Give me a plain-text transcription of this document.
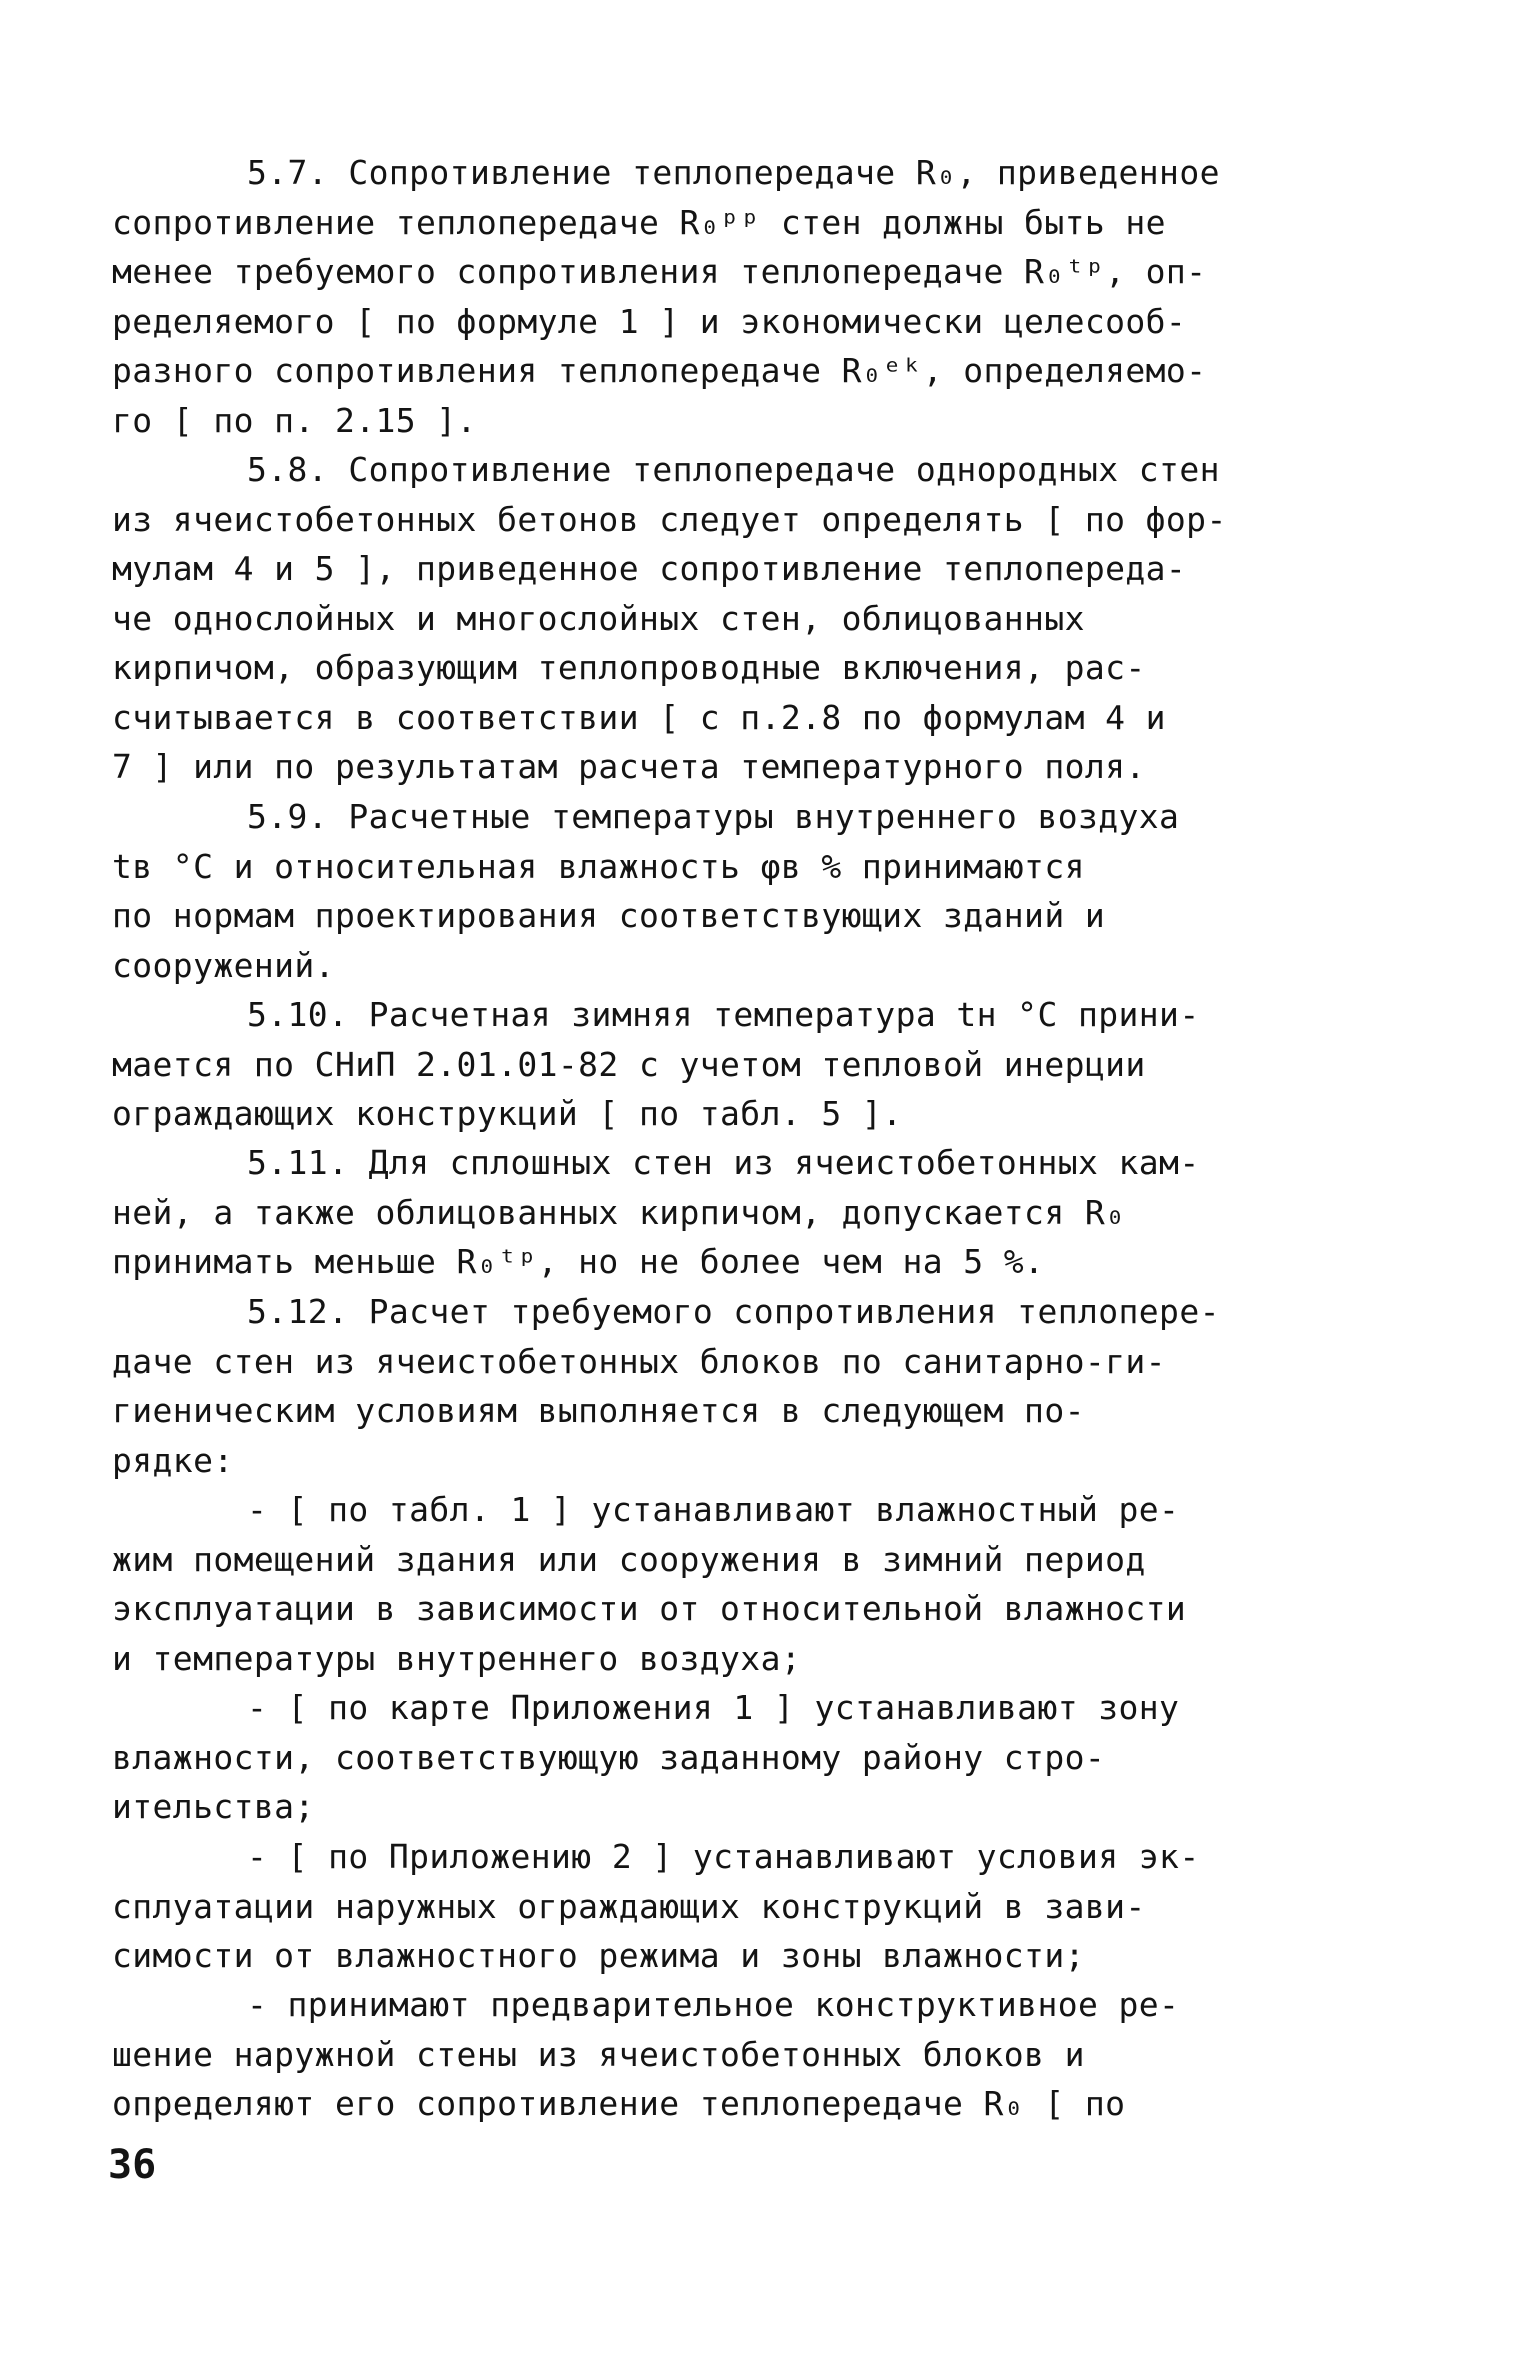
5.7. Сопротивление теплопередаче R₀, приведенное
сопротивление теплопередаче R₀ᵖᵖ стен должны быть не
менее требуемого сопротивления теплопередаче R₀ᵗᵖ, оп-
ределяемого [ по формуле 1 ] и экономически целесооб-
разного сопротивления теплопередаче R₀ᵉᵏ, определяемо-
го [ по п. 2.15 ].

5.8. Сопротивление теплопередаче однородных стен
из ячеистобетонных бетонов следует определять [ по фор-
мулам 4 и 5 ], приведенное сопротивление теплопереда-
че однослойных и многослойных стен, облицованных
кирпичом, образующим теплопроводные включения, рас-
считывается в соответствии [ с п.2.8 по формулам 4 и
7 ] или по результатам расчета температурного поля.

5.9. Расчетные температуры внутреннего воздуха
tв °С и относительная влажность φв % принимаются
по нормам проектирования соответствующих зданий и
сооружений.

5.10. Расчетная зимняя температура tн °С прини-
мается по СНиП 2.01.01-82 с учетом тепловой инерции
ограждающих конструкций [ по табл. 5 ].

5.11. Для сплошных стен из ячеистобетонных кам-
ней, а также облицованных кирпичом, допускается R₀
принимать меньше R₀ᵗᵖ, но не более чем на 5 %.

5.12. Расчет требуемого сопротивления теплопере-
даче стен из ячеистобетонных блоков по санитарно-ги-
гиеническим условиям выполняется в следующем по-
рядке:

- [ по табл. 1 ] устанавливают влажностный ре-
жим помещений здания или сооружения в зимний период
эксплуатации в зависимости от относительной влажности
и температуры внутреннего воздуха;

- [ по карте Приложения 1 ] устанавливают зону
влажности, соответствующую заданному району стро-
ительства;

- [ по Приложению 2 ] устанавливают условия эк-
сплуатации наружных ограждающих конструкций в зави-
симости от влажностного режима и зоны влажности;

- принимают предварительное конструктивное ре-
шение наружной стены из ячеистобетонных блоков и
определяют его сопротивление теплопередаче R₀ [ по

36
